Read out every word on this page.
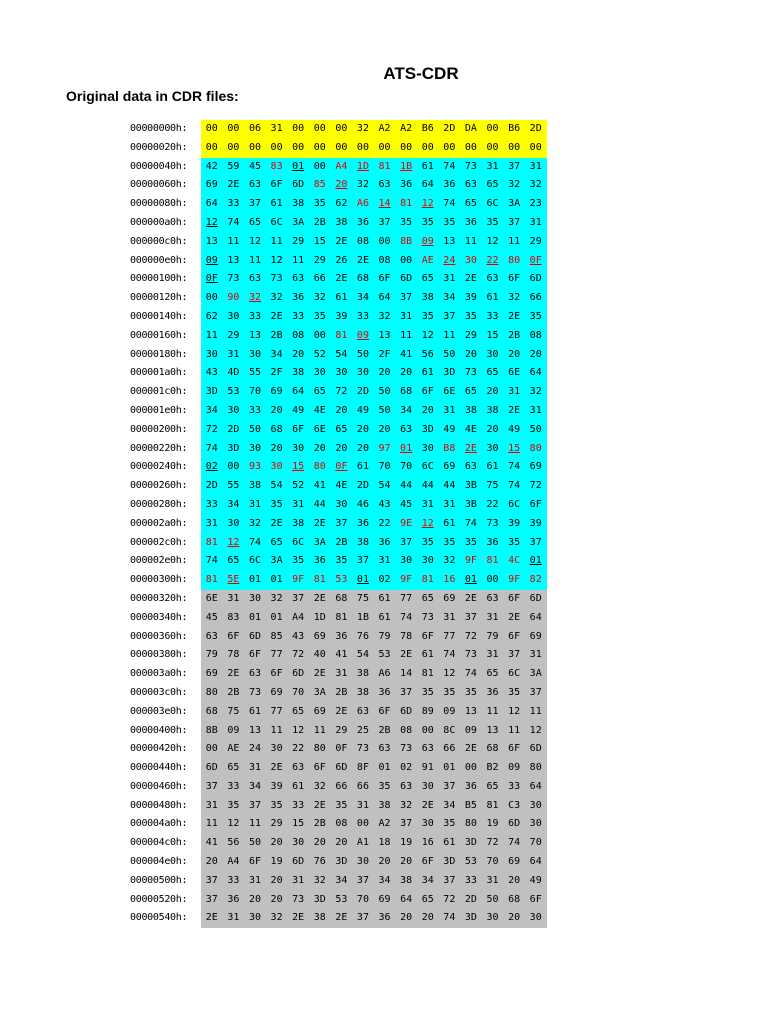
ATS-CDR
Original data in CDR files:
00000000h:	00 00 06 31 00 00 00 32 A2 A2 B6 2D DA 00 B6 2D
00000020h:	00 00 00 00 00 00 00 00 00 00 00 00 00 00 00 00
00000040h:	42 59 45 83 01 00 A4 1D 81 1B 61 74 73 31 37 31
00000060h:	69 2E 63 6F 6D 85 20 32 63 36 64 36 63 65 32 32
00000080h:	64 33 37 61 38 35 62 A6 14 81 12 74 65 6C 3A 23
000000a0h:	12 74 65 6C 3A 2B 38 36 37 35 35 35 36 35 37 31
000000c0h:	13 11 12 11 29 15 2E 08 00 8B 09 13 11 12 11 29
000000e0h:	09 13 11 12 11 29 26 2E 08 00 AE 24 30 22 80 0F
00000100h:	0F 73 63 73 63 66 2E 68 6F 6D 65 31 2E 63 6F 6D
00000120h:	00 90 32 32 36 32 61 34 64 37 38 34 39 61 32 66
00000140h:	62 30 33 2E 33 35 39 33 32 31 35 37 35 33 2E 35
00000160h:	11 29 13 2B 08 00 81 09 13 11 12 11 29 15 2B 08
00000180h:	30 31 30 34 20 52 54 50 2F 41 56 50 20 30 20 20
000001a0h:	43 4D 55 2F 38 30 30 30 20 20 61 3D 73 65 6E 64
000001c0h:	3D 53 70 69 64 65 72 2D 50 68 6F 6E 65 20 31 32
000001e0h:	34 30 33 20 49 4E 20 49 50 34 20 31 38 38 2E 31
00000200h:	72 2D 50 68 6F 6E 65 20 20 63 3D 49 4E 20 49 50
00000220h:	74 3D 30 20 30 20 20 20 97 01 30 B8 2E 30 15 80
00000240h:	02 00 93 30 15 80 0F 61 70 70 6C 69 63 61 74 69
00000260h:	2D 55 38 54 52 41 4E 2D 54 44 44 44 3B 75 74 72
00000280h:	33 34 31 35 31 44 30 46 43 45 31 31 3B 22 6C 6F
000002a0h:	31 30 32 2E 38 2E 37 36 22 9E 12 61 74 73 39 39
000002c0h:	81 12 74 65 6C 3A 2B 38 36 37 35 35 35 36 35 37
000002e0h:	74 65 6C 3A 35 36 35 37 31 30 30 32 9F 81 4C 01
00000300h:	81 5E 01 01 9F 81 53 01 02 9F 81 16 01 00 9F 82
00000320h:	6E 31 30 32 37 2E 68 75 61 77 65 69 2E 63 6F 6D
00000340h:	45 83 01 01 A4 1D 81 1B 61 74 73 31 37 31 2E 64
00000360h:	63 6F 6D 85 43 69 36 76 79 78 6F 77 72 79 6F 69
00000380h:	79 78 6F 77 72 40 41 54 53 2E 61 74 73 31 37 31
000003a0h:	69 2E 63 6F 6D 2E 31 38 A6 14 81 12 74 65 6C 3A
000003c0h:	80 2B 73 69 70 3A 2B 38 36 37 35 35 35 36 35 37
000003e0h:	68 75 61 77 65 69 2E 63 6F 6D 89 09 13 11 12 11
00000400h:	8B 09 13 11 12 11 29 25 2B 08 00 8C 09 13 11 12
00000420h:	00 AE 24 30 22 80 0F 73 63 73 63 66 2E 68 6F 6D
00000440h:	6D 65 31 2E 63 6F 6D 8F 01 02 91 01 00 B2 09 80
00000460h:	37 33 34 39 61 32 66 66 35 63 30 37 36 65 33 64
00000480h:	31 35 37 35 33 2E 35 31 38 32 2E 34 B5 81 C3 30
000004a0h:	11 12 11 29 15 2B 08 00 A2 37 30 35 80 19 6D 30
000004c0h:	41 56 50 20 30 20 20 A1 18 19 16 61 3D 72 74 70
000004e0h:	20 A4 6F 19 6D 76 3D 30 20 20 6F 3D 53 70 69 64
00000500h:	37 33 31 20 31 32 34 37 34 38 34 37 33 31 20 49
00000520h:	37 36 20 20 73 3D 53 70 69 64 65 72 2D 50 68 6F
00000540h:	2E 31 30 32 2E 38 2E 37 36 20 20 74 3D 30 20 30
